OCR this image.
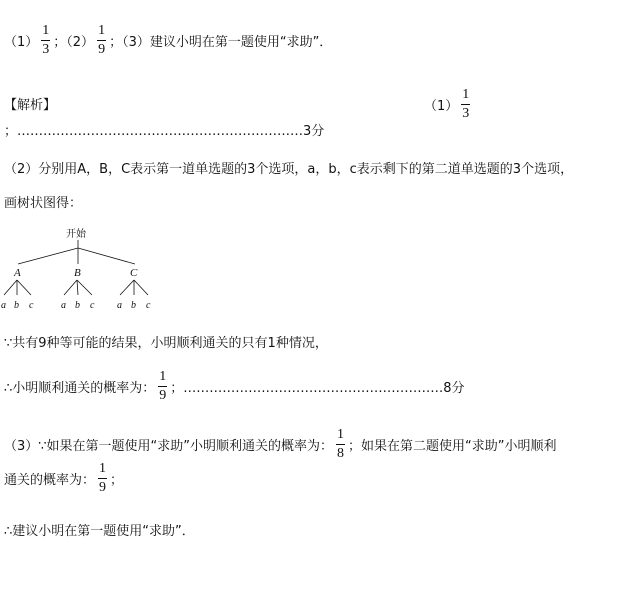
$(1) \frac{1}{3}$ ；$(2) \frac{1}{9}$ ；（3）建议小明在第一题使用“求助”．
【解析】	$(1) \frac{1}{3}$
；…………………………………………………………3分
（2）分别用A，B，C表示第一道单选题的3个选项，a，b，c表示剩下的第二道单选题的3个选项，
画树状图得：
开始
A	B	C
a b c	a b c a b c
∵共有9种等可能的结果，小明顺利通关的只有1种情况，
∴小明顺利通关的概率为： $\frac{1}{9}$ ；……………………………………………………8分
（3）∵如果在第一题使用“求助”小明顺利通关的概率为： $\frac{1}{8}$ ；如果在第二题使用“求助”小明顺利
通关的概率为： $\frac{1}{9}$ ；
∴建议小明在第一题使用“求助”．
